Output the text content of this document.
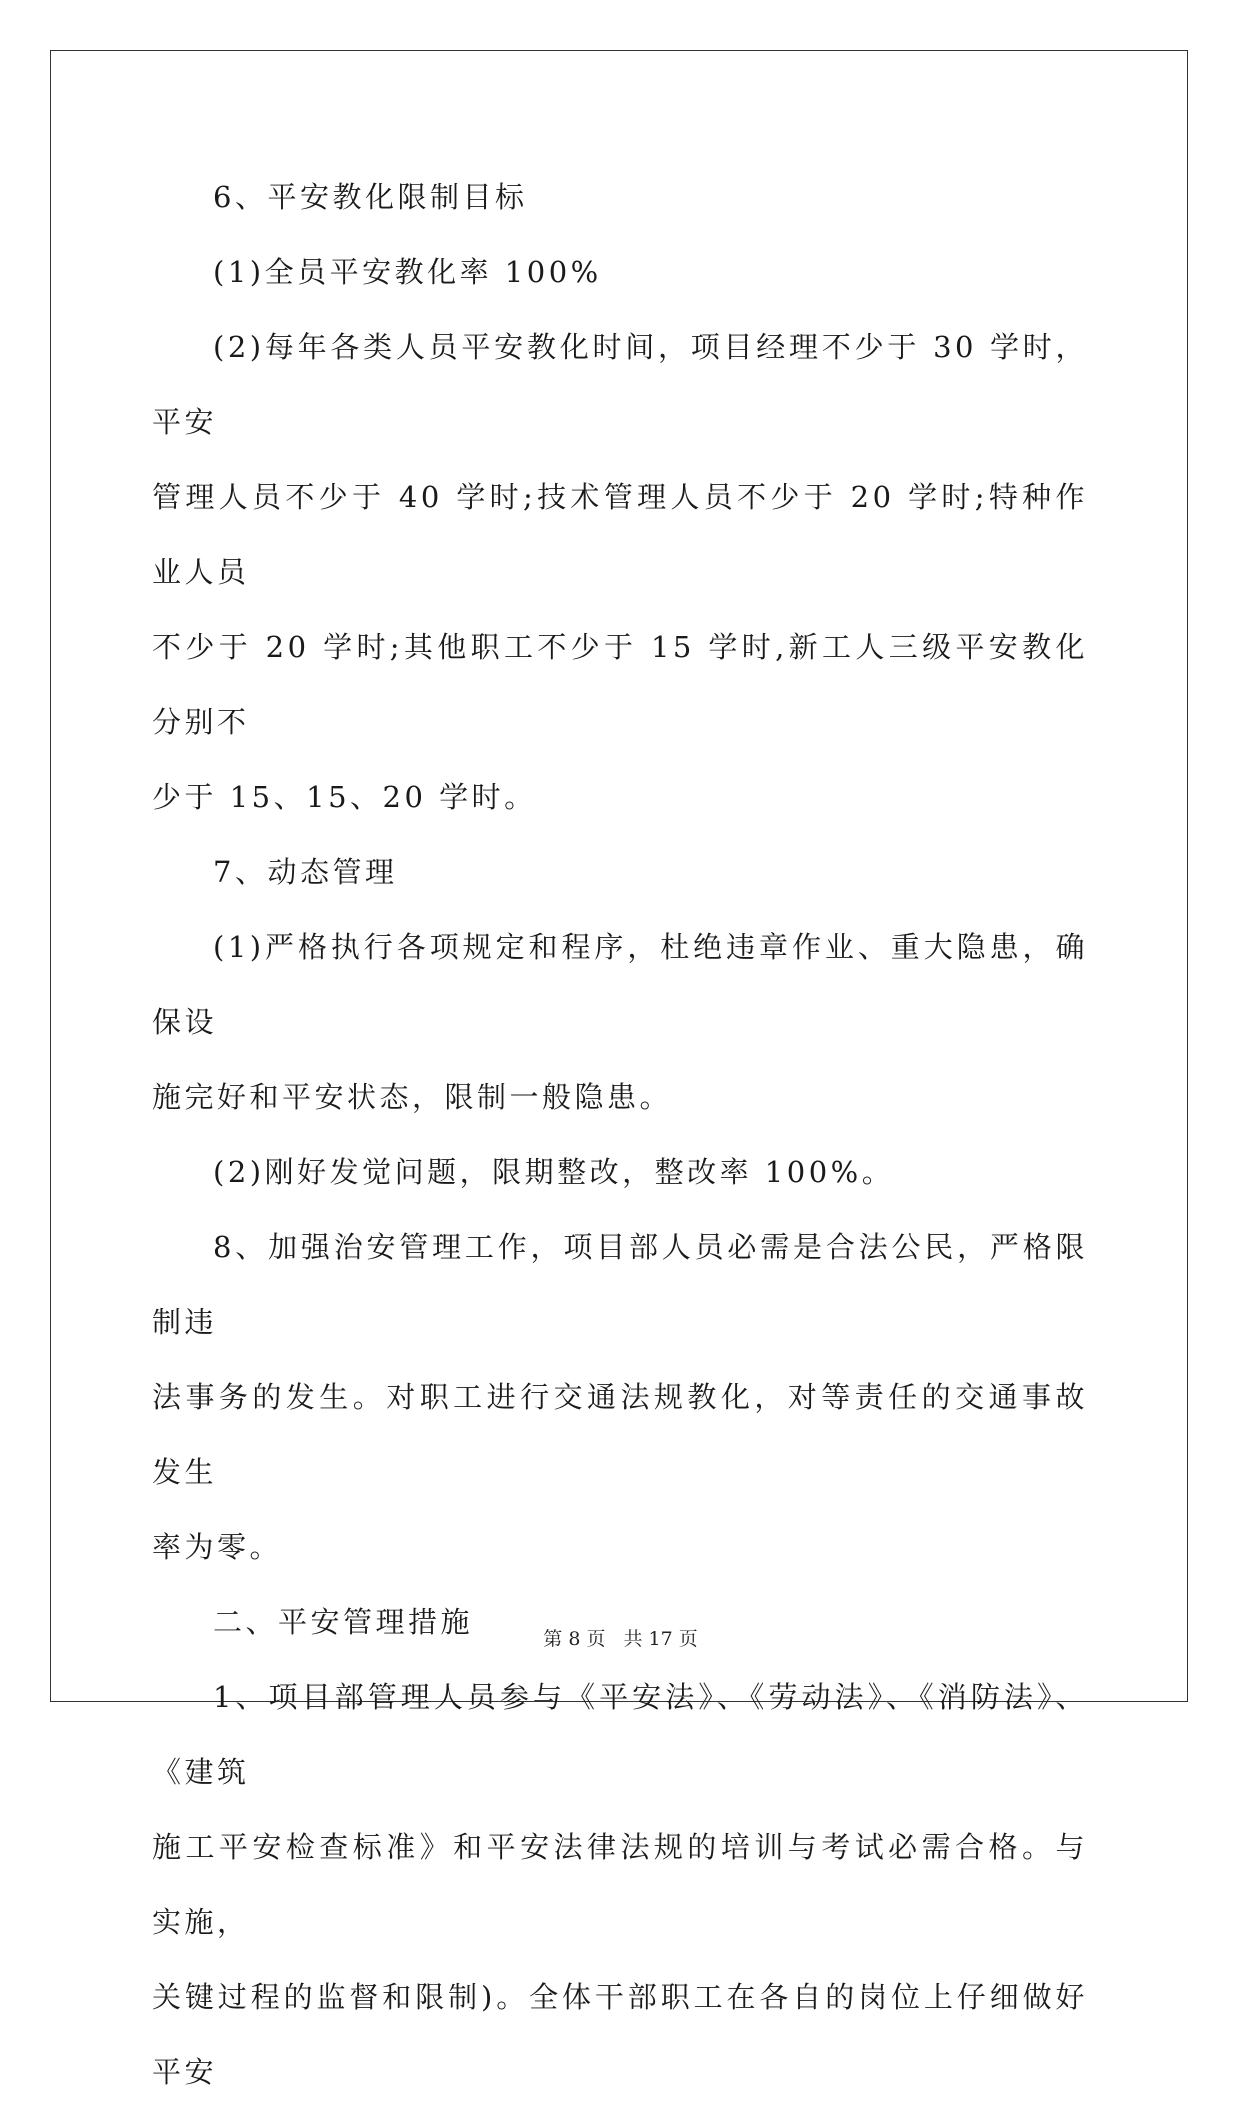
6、平安教化限制目标

(1)全员平安教化率 100%

(2)每年各类人员平安教化时间，项目经理不少于 30 学时，平安
管理人员不少于 40 学时;技术管理人员不少于 20 学时;特种作业人员
不少于 20 学时;其他职工不少于 15 学时,新工人三级平安教化分别不
少于 15、15、20 学时。

7、动态管理

(1)严格执行各项规定和程序，杜绝违章作业、重大隐患，确保设
施完好和平安状态，限制一般隐患。

(2)刚好发觉问题，限期整改，整改率 100%。

8、加强治安管理工作，项目部人员必需是合法公民，严格限制违
法事务的发生。对职工进行交通法规教化，对等责任的交通事故发生
率为零。

二、平安管理措施

1、项目部管理人员参与《平安法》、《劳动法》、《消防法》、《建筑
施工平安检查标准》和平安法律法规的培训与考试必需合格。与实施，
关键过程的监督和限制)。全体干部职工在各自的岗位上仔细做好平安

第 8 页 共 17 页
